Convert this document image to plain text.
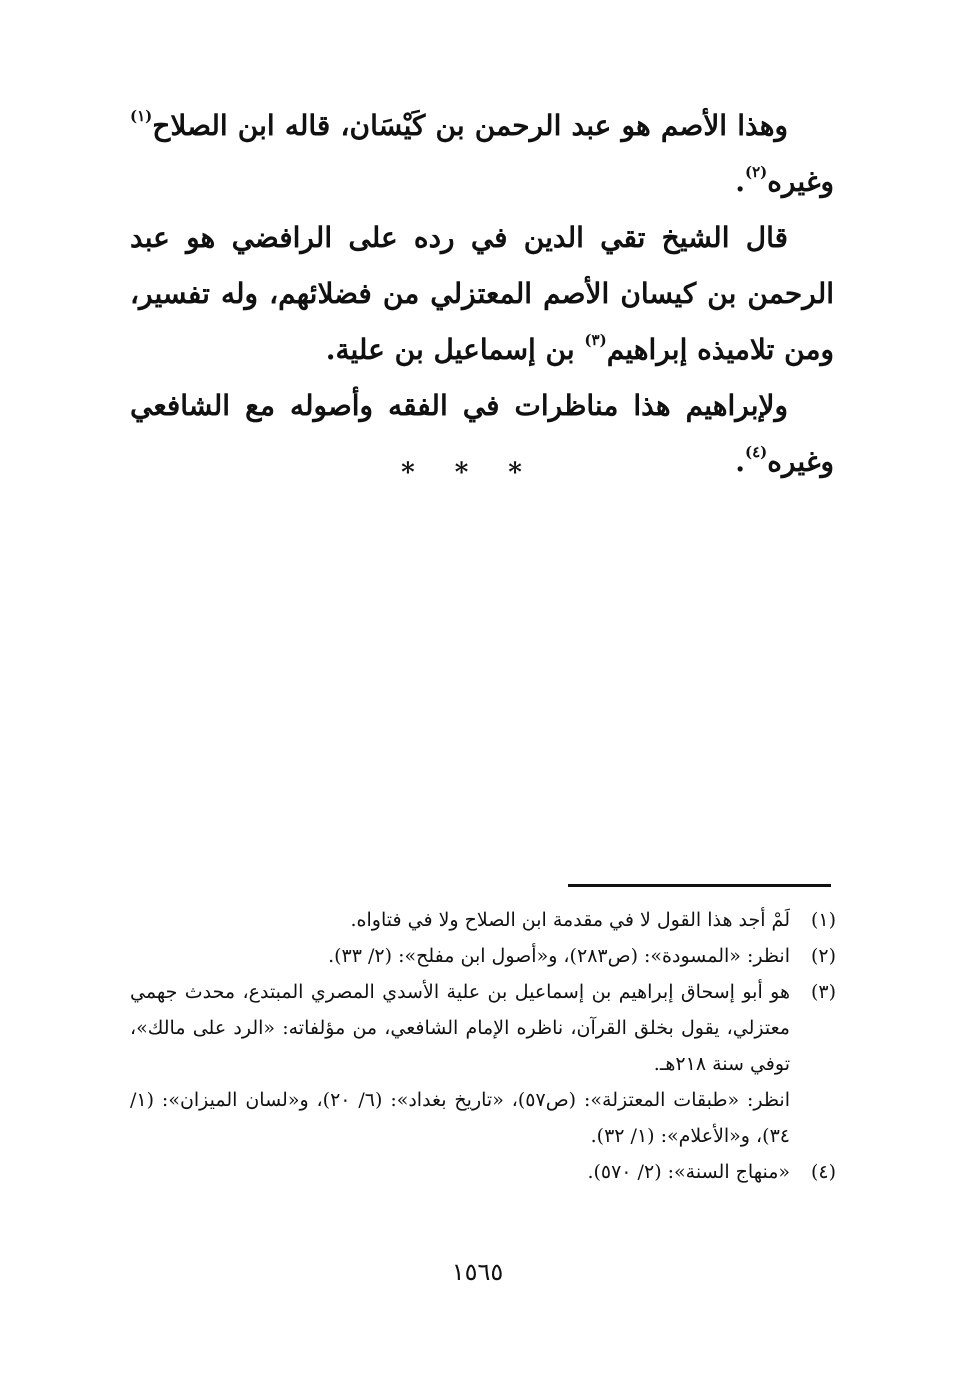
وهذا الأصم هو عبد الرحمن بن كَيْسَان، قاله ابن الصلاح$^{(١)}$ وغيره$^{(٢)}$.

قال الشيخ تقي الدين في رده على الرافضي هو عبد الرحمن بن كيسان الأصم المعتزلي من فضلائهم، وله تفسير، ومن تلاميذه إبراهيم$^{(٣)}$ بن إسماعيل بن علية.

ولإبراهيم هذا مناظرات في الفقه وأصوله مع الشافعي وغيره$^{(٤)}$.

* * *
(١)

لَمْ أجد هذا القول لا في مقدمة ابن الصلاح ولا في فتاواه.

(٢)

انظر: «المسودة»: (ص٢٨٣)، و«أصول ابن مفلح»: (٢/ ٣٣).

(٣)

هو أبو إسحاق إبراهيم بن إسماعيل بن علية الأسدي المصري المبتدع، محدث جهمي معتزلي، يقول بخلق القرآن، ناظره الإمام الشافعي، من مؤلفاته: «الرد على مالك»، توفي سنة ٢١٨هـ.

انظر: «طبقات المعتزلة»: (ص٥٧)، «تاريخ بغداد»: (٦/ ٢٠)، و«لسان الميزان»: (١/ ٣٤)، و«الأعلام»: (١/ ٣٢).

(٤)

«منهاج السنة»: (٢/ ٥٧٠).

١٥٦٥
